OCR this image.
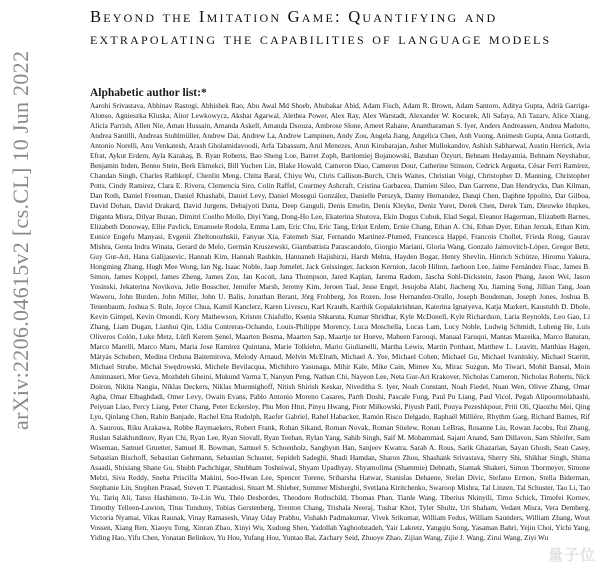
arXiv:2206.04615v2 [cs.CL] 10 Jun 2022
Beyond the Imitation Game: Quantifying and extrapolating the capabilities of language models
Alphabetic author list:*

Aarohi Srivastava, Abhinav Rastogi, Abhishek Rao, Abu Awal Md Shoeb, Abubakar Abid, Adam Fisch, Adam R. Brown, Adam Santoro, Aditya Gupta, Adrià Garriga-Alonso, Agnieszka Kluska, Aitor Lewkowycz, Akshat Agarwal, Alethea Power, Alex Ray, Alex Warstadt, Alexander W. Kocurek, Ali Safaya, Ali Tazarv, Alice Xiang, Alicia Parrish, Allen Nie, Aman Hussain, Amanda Askell, Amanda Dsouza, Ambrose Slone, Ameet Rahane, Anantharaman S. Iyer, Anders Andreassen, Andrea Madotto, Andrea Santilli, Andreas Stuhlmüller, Andrew Dai, Andrew La, Andrew Lampinen, Andy Zou, Angela Jiang, Angelica Chen, Anh Vuong, Animesh Gupta, Anna Gottardi, Antonio Norelli, Anu Venkatesh, Arash Gholamidavoodi, Arfa Tabassum, Arul Menezes, Arun Kirubarajan, Asher Mullokandov, Ashish Sabharwal, Austin Herrick, Avia Efrat, Aykut Erdem, Ayla Karakaş, B. Ryan Roberts, Bao Sheng Loe, Barret Zoph, Bartłomiej Bojanowski, Batuhan Özyurt, Behnam Hedayatnia, Behnam Neyshabur, Benjamin Inden, Benno Stein, Berk Ekmekci, Bill Yuchen Lin, Blake Howald, Cameron Diao, Cameron Dour, Catherine Stinson, Cedrick Argueta, César Ferri Ramírez, Chandan Singh, Charles Rathkopf, Chenlin Meng, Chitta Baral, Chiyu Wu, Chris Callison-Burch, Chris Waites, Christian Voigt, Christopher D. Manning, Christopher Potts, Cindy Ramirez, Clara E. Rivera, Clemencia Siro, Colin Raffel, Courtney Ashcraft, Cristina Garbacea, Damien Sileo, Dan Garrette, Dan Hendrycks, Dan Kilman, Dan Roth, Daniel Freeman, Daniel Khashabi, Daniel Levy, Daniel Moseguí González, Danielle Perszyk, Danny Hernandez, Danqi Chen, Daphne Ippolito, Dar Gilboa, David Dohan, David Drakard, David Jurgens, Debajyoti Datta, Deep Ganguli, Denis Emelin, Denis Kleyko, Deniz Yuret, Derek Chen, Derek Tam, Dieuwke Hupkes, Diganta Misra, Dilyar Buzan, Dimitri Coelho Mollo, Diyi Yang, Dong-Ho Lee, Ekaterina Shutova, Ekin Dogus Cubuk, Elad Segal, Eleanor Hagerman, Elizabeth Barnes, Elizabeth Donoway, Ellie Pavlick, Emanuele Rodola, Emma Lam, Eric Chu, Eric Tang, Erkut Erdem, Ernie Chang, Ethan A. Chi, Ethan Dyer, Ethan Jerzak, Ethan Kim, Eunice Engefu Manyasi, Evgenii Zheltonozhskii, Fanyue Xia, Fatemeh Siar, Fernando Martínez-Plumed, Francesca Happé, Francois Chollet, Frieda Rong, Gaurav Mishra, Genta Indra Winata, Gerard de Melo, Germán Kruszewski, Giambattista Parascandolo, Giorgio Mariani, Gloria Wang, Gonzalo Jaimovitch-López, Gregor Betz, Guy Gur-Ari, Hana Galijasevic, Hannah Kim, Hannah Rashkin, Hannaneh Hajishirzi, Harsh Mehta, Hayden Bogar, Henry Shevlin, Hinrich Schütze, Hiromu Yakura, Hongming Zhang, Hugh Mee Wong, Ian Ng, Isaac Noble, Jaap Jumelet, Jack Geissinger, Jackson Kernion, Jacob Hilton, Jaehoon Lee, Jaime Fernández Fisac, James B. Simon, James Koppel, James Zheng, James Zou, Jan Kocoń, Jana Thompson, Jared Kaplan, Jarema Radom, Jascha Sohl-Dickstein, Jason Phang, Jason Wei, Jason Yosinski, Jekaterina Novikova, Jelle Bosscher, Jennifer Marsh, Jeremy Kim, Jeroen Taal, Jesse Engel, Jesujoba Alabi, Jiacheng Xu, Jiaming Song, Jillian Tang, Joan Waweru, John Burden, John Miller, John U. Balis, Jonathan Berant, Jörg Frohberg, Jos Rozen, Jose Hernandez-Orallo, Joseph Boudeman, Joseph Jones, Joshua B. Tenenbaum, Joshua S. Rule, Joyce Chua, Kamil Kanclerz, Karen Livescu, Karl Krauth, Karthik Gopalakrishnan, Katerina Ignatyeva, Katja Markert, Kaustubh D. Dhole, Kevin Gimpel, Kevin Omondi, Kory Mathewson, Kristen Chiafullo, Ksenia Shkaruta, Kumar Shridhar, Kyle McDonell, Kyle Richardson, Laria Reynolds, Leo Gao, Li Zhang, Liam Dugan, Lianhui Qin, Lidia Contreras-Ochando, Louis-Philippe Morency, Luca Moschella, Lucas Lam, Lucy Noble, Ludwig Schmidt, Luheng He, Luis Oliveros Colón, Luke Metz, Lütfi Kerem Şenel, Maarten Bosma, Maarten Sap, Maartje ter Hoeve, Maheen Farooqi, Manaal Faruqui, Mantas Mazeika, Marco Baturan, Marco Marelli, Marco Maru, Maria Jose Ramírez Quintana, Marie Tolkiehn, Mario Giulianelli, Martha Lewis, Martin Potthast, Matthew L. Leavitt, Matthias Hagen, Mátyás Schubert, Medina Orduna Baitemirova, Melody Arnaud, Melvin McElrath, Michael A. Yee, Michael Cohen, Michael Gu, Michael Ivanitskiy, Michael Starritt, Michael Strube, Michał Swędrowski, Michele Bevilacqua, Michihiro Yasunaga, Mihir Kale, Mike Cain, Mimee Xu, Mirac Suzgun, Mo Tiwari, Mohit Bansal, Moin Aminnaseri, Mor Geva, Mozhdeh Gheini, Mukund Varma T, Nanyun Peng, Nathan Chi, Nayeon Lee, Neta Gur-Ari Krakover, Nicholas Cameron, Nicholas Roberts, Nick Doiron, Nikita Nangia, Niklas Deckers, Niklas Muennighoff, Nitish Shirish Keskar, Niveditha S. Iyer, Noah Constant, Noah Fiedel, Nuan Wen, Oliver Zhang, Omar Agha, Omar Elbaghdadi, Omer Levy, Owain Evans, Pablo Antonio Moreno Casares, Parth Doshi, Pascale Fung, Paul Pu Liang, Paul Vicol, Pegah Alipoormolabashi, Peiyuan Liao, Percy Liang, Peter Chang, Peter Eckersley, Phu Mon Htut, Pinyu Hwang, Piotr Miłkowski, Piyush Patil, Pouya Pezeshkpour, Priti Oli, Qiaozhu Mei, Qing Lyu, Qinlang Chen, Rabin Banjade, Rachel Etta Rudolph, Raefer Gabriel, Rahel Habacker, Ramón Risco Delgado, Raphaël Millière, Rhythm Garg, Richard Barnes, Rif A. Saurous, Riku Arakawa, Robbe Raymaekers, Robert Frank, Rohan Sikand, Roman Novak, Roman Sitelew, Ronan LeBras, Rosanne Liu, Rowan Jacobs, Rui Zhang, Ruslan Salakhutdinov, Ryan Chi, Ryan Lee, Ryan Stovall, Ryan Teehan, Rylan Yang, Sahib Singh, Saif M. Mohammad, Sajant Anand, Sam Dillavou, Sam Shleifer, Sam Wiseman, Samuel Gruetter, Samuel R. Bowman, Samuel S. Schoenholz, Sanghyun Han, Sanjeev Kwatra, Sarah A. Rous, Sarik Ghazarian, Sayan Ghosh, Sean Casey, Sebastian Bischoff, Sebastian Gehrmann, Sebastian Schuster, Sepideh Sadeghi, Shadi Hamdan, Sharon Zhou, Shashank Srivastava, Sherry Shi, Shikhar Singh, Shima Asaadi, Shixiang Shane Gu, Shubh Pachchigar, Shubham Toshniwal, Shyam Upadhyay, Shyamolima (Shammie) Debnath, Siamak Shakeri, Simon Thormeyer, Simone Melzi, Siva Reddy, Sneha Priscilla Makini, Soo-Hwan Lee, Spencer Torene, Sriharsha Hatwar, Stanislas Dehaene, Stefan Divic, Stefano Ermon, Stella Biderman, Stephanie Lin, Stephen Prasad, Steven T. Piantadosi, Stuart M. Shieber, Summer Misherghi, Svetlana Kiritchenko, Swaroop Mishra, Tal Linzen, Tal Schuster, Tao Li, Tao Yu, Tariq Ali, Tatsu Hashimoto, Te-Lin Wu, Théo Desbordes, Theodore Rothschild, Thomas Phan, Tianle Wang, Tiberius Nkinyili, Timo Schick, Timofei Kornev, Timothy Telleen-Lawton, Titus Tunduny, Tobias Gerstenberg, Trenton Chang, Trishala Neeraj, Tushar Khot, Tyler Shultz, Uri Shaham, Vedant Misra, Vera Demberg, Victoria Nyamai, Vikas Raunak, Vinay Ramasesh, Vinay Uday Prabhu, Vishakh Padmakumar, Vivek Srikumar, William Fedus, William Saunders, William Zhang, Wout Vossen, Xiang Ren, Xiaoyu Tong, Xinran Zhao, Xinyi Wu, Xudong Shen, Yadollah Yaghoobzadeh, Yair Lakretz, Yangqiu Song, Yasaman Bahri, Yejin Choi, Yichi Yang, Yiding Hao, Yifu Chen, Yonatan Belinkov, Yu Hou, Yufang Hou, Yuntao Bai, Zachary Seid, Zhuoye Zhao, Zijian Wang, Zijie J. Wang, Zirui Wang, Ziyi Wu

量子位
